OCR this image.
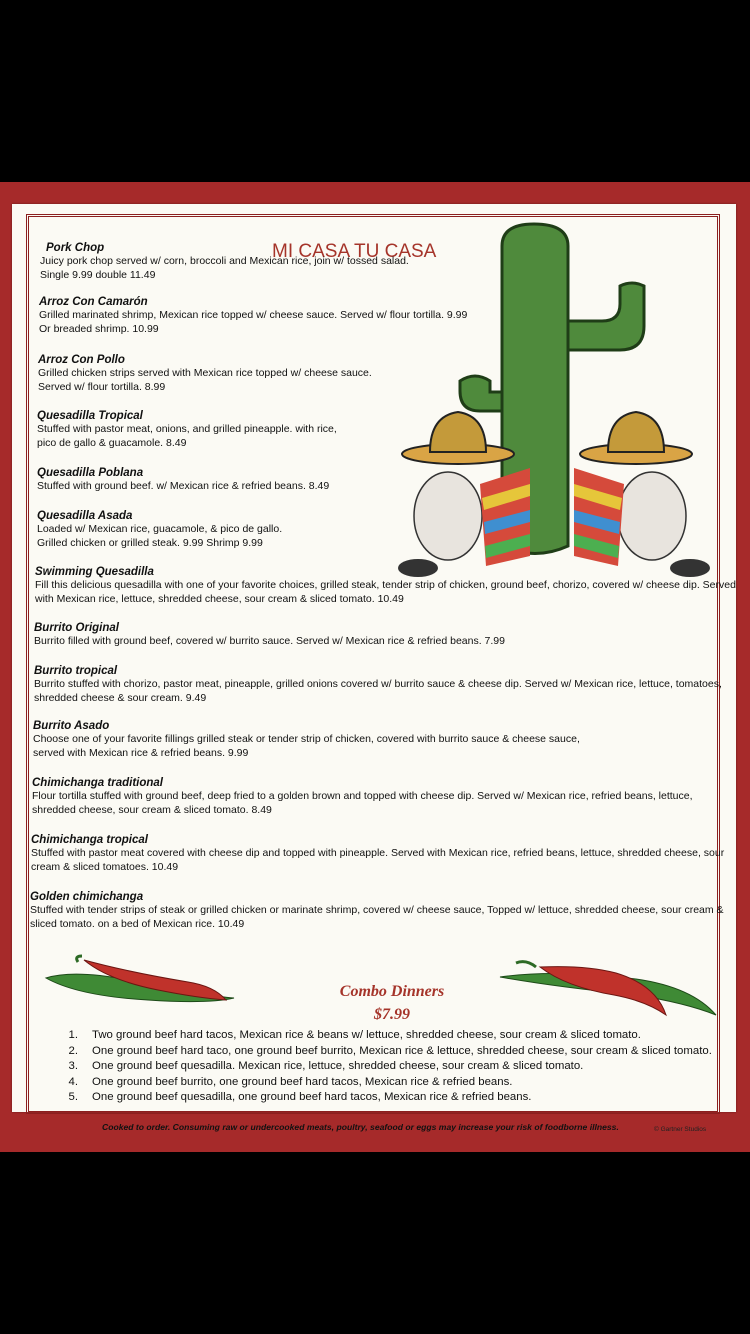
MI CASA TU CASA
Pork Chop
Juicy pork chop served w/ corn, broccoli and Mexican rice, join w/ tossed salad.
Single 9.99 double 11.49
Arroz Con Camarón
Grilled marinated shrimp, Mexican rice topped w/ cheese sauce. Served w/ flour tortilla. 9.99
Or breaded shrimp. 10.99
Arroz Con Pollo
Grilled chicken strips served with Mexican rice topped w/ cheese sauce.
Served w/ flour tortilla. 8.99
Quesadilla Tropical
Stuffed with pastor meat, onions, and grilled pineapple. with rice,
pico de gallo & guacamole. 8.49
Quesadilla Poblana
Stuffed with ground beef. w/ Mexican rice & refried beans. 8.49
Quesadilla Asada
Loaded w/ Mexican rice, guacamole, & pico de gallo.
Grilled chicken or grilled steak. 9.99 Shrimp 9.99
Swimming Quesadilla
Fill this delicious quesadilla with one of your favorite choices, grilled steak, tender strip of chicken, ground beef, chorizo, covered w/ cheese dip. Served
with Mexican rice, lettuce, shredded cheese, sour cream & sliced tomato. 10.49
Burrito Original
Burrito filled with ground beef, covered w/ burrito sauce. Served w/ Mexican rice & refried beans. 7.99
Burrito tropical
Burrito stuffed with chorizo, pastor meat, pineapple, grilled onions covered w/ burrito sauce & cheese dip. Served w/ Mexican rice, lettuce, tomatoes,
shredded cheese & sour cream. 9.49
Burrito Asado
Choose one of your favorite fillings grilled steak or tender strip of chicken, covered with burrito sauce & cheese sauce,
served with Mexican rice & refried beans. 9.99
Chimichanga traditional
Flour tortilla stuffed with ground beef, deep fried to a golden brown and topped with cheese dip. Served w/ Mexican rice, refried beans, lettuce,
shredded cheese, sour cream & sliced tomato. 8.49
Chimichanga tropical
Stuffed with pastor meat covered with cheese dip and topped with pineapple. Served with Mexican rice, refried beans, lettuce, shredded cheese, sour
cream & sliced tomatoes. 10.49
Golden chimichanga
Stuffed with tender strips of steak or grilled chicken or marinate shrimp, covered w/ cheese sauce, Topped w/ lettuce, shredded cheese, sour cream &
sliced tomato. on a bed of Mexican rice. 10.49
Combo Dinners
$7.99
1.	Two ground beef hard tacos, Mexican rice & beans w/ lettuce, shredded cheese, sour cream & sliced tomato.
2.	One ground beef hard taco, one ground beef burrito, Mexican rice & lettuce, shredded cheese, sour cream & sliced tomato.
3.	One ground beef quesadilla. Mexican rice, lettuce, shredded cheese, sour cream & sliced tomato.
4.	One ground beef burrito, one ground beef hard tacos, Mexican rice & refried beans.
5.	One ground beef quesadilla, one ground beef hard tacos, Mexican rice & refried beans.
Cooked to order. Consuming raw or undercooked meats, poultry, seafood or eggs may increase your risk of foodborne illness.	© Gartner Studios
